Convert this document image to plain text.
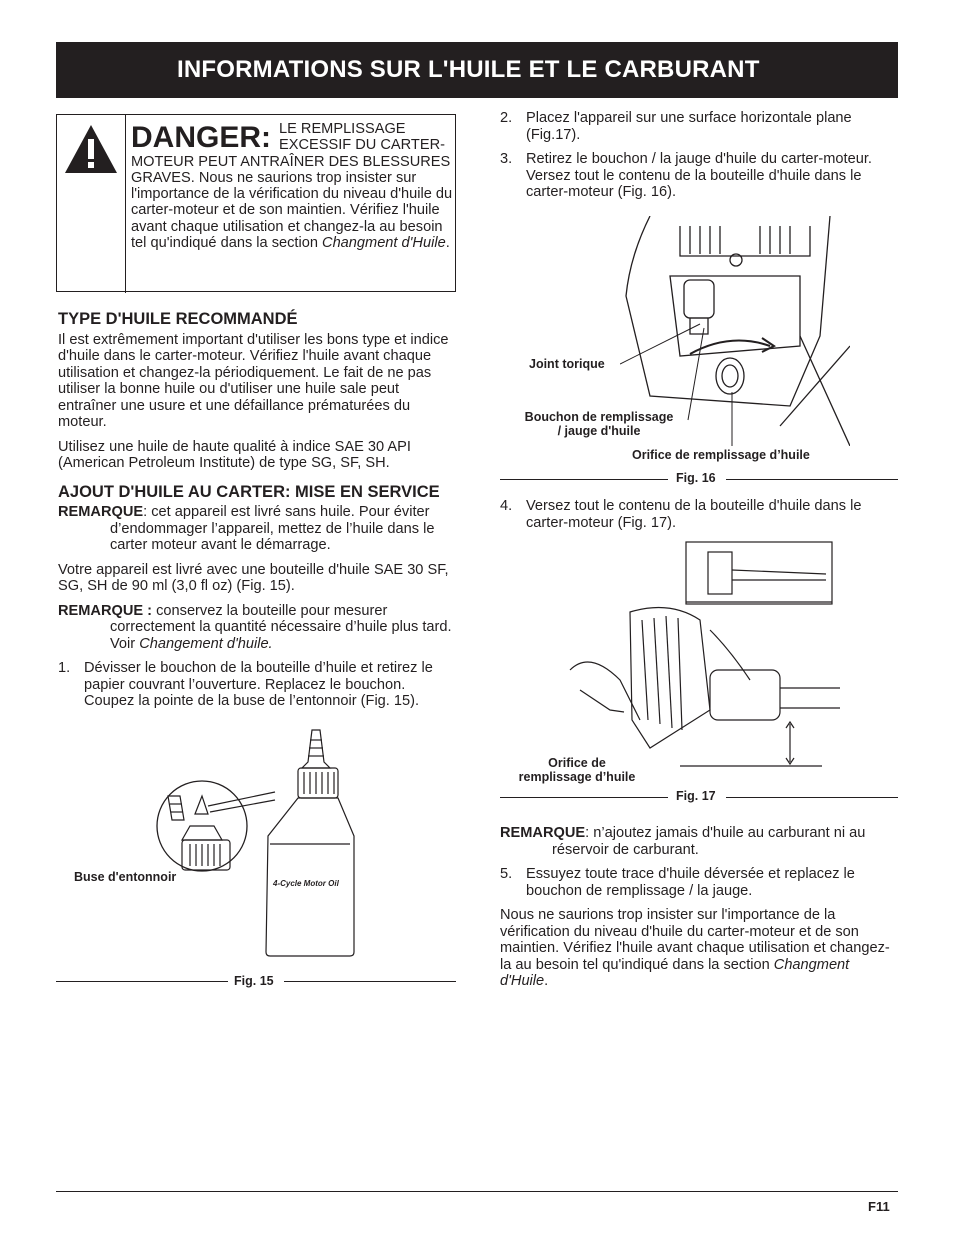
INFORMATIONS SUR L'HUILE ET LE CARBURANT
DANGER: LE REMPLISSAGE EXCESSIF DU CARTER-MOTEUR PEUT ANTRAÎNER DES BLESSURES GRAVES. Nous ne saurions trop insister sur l'importance de la vérification du niveau d'huile du carter-moteur et de son maintien. Vérifiez l'huile avant chaque utilisation et changez-la au besoin tel qu'indiqué dans la section Changment d'Huile.
TYPE D'HUILE RECOMMANDÉ

Il est extrêmement important d'utiliser les bons type et indice d'huile dans le carter-moteur. Vérifiez l'huile avant chaque utilisation et changez-la périodiquement. Le fait de ne pas utiliser la bonne huile ou d'utiliser une huile sale peut entraîner une usure et une défaillance prématurées du moteur.

Utilisez une huile de haute qualité à indice SAE 30 API (American Petroleum Institute) de type SG, SF, SH.

AJOUT D'HUILE AU CARTER: MISE EN SERVICE

REMARQUE: cet appareil est livré sans huile. Pour éviter d’endommager l’appareil, mettez de l’huile dans le carter moteur avant le démarrage.

Votre appareil est livré avec une bouteille d'huile SAE 30 SF, SG, SH de 90 ml (3,0 fl oz) (Fig. 15).

REMARQUE : conservez la bouteille pour mesurer correctement la quantité nécessaire d’huile plus tard. Voir Changement d'huile.

1. Dévisser le bouchon de la bouteille d’huile et retirez le papier couvrant l’ouverture. Replacez le bouchon. Coupez la pointe de la buse de l’entonnoir (Fig. 15).
4-Cycle Motor Oil
Buse d'entonnoir
Fig. 15
2. Placez l'appareil sur une surface horizontale plane (Fig.17).
3. Retirez le bouchon / la jauge d'huile du carter-moteur. Versez tout le contenu de la bouteille d'huile dans le carter-moteur (Fig. 16).
Joint torique
Bouchon de remplissage
/ jauge d'huile
Orifice de remplissage d’huile
Fig. 16
4. Versez tout le contenu de la bouteille d'huile dans le carter-moteur (Fig. 17).
Orifice de
remplissage d’huile
Fig. 17

REMARQUE: n’ajoutez jamais d'huile au carburant ni au réservoir de carburant.

5. Essuyez toute trace d'huile déversée et replacez le bouchon de remplissage / la jauge.

Nous ne saurions trop insister sur l'importance de la vérification du niveau d'huile du carter-moteur et de son maintien. Vérifiez l'huile avant chaque utilisation et changez-la au besoin tel qu'indiqué dans la section Changment d'Huile.

F11
